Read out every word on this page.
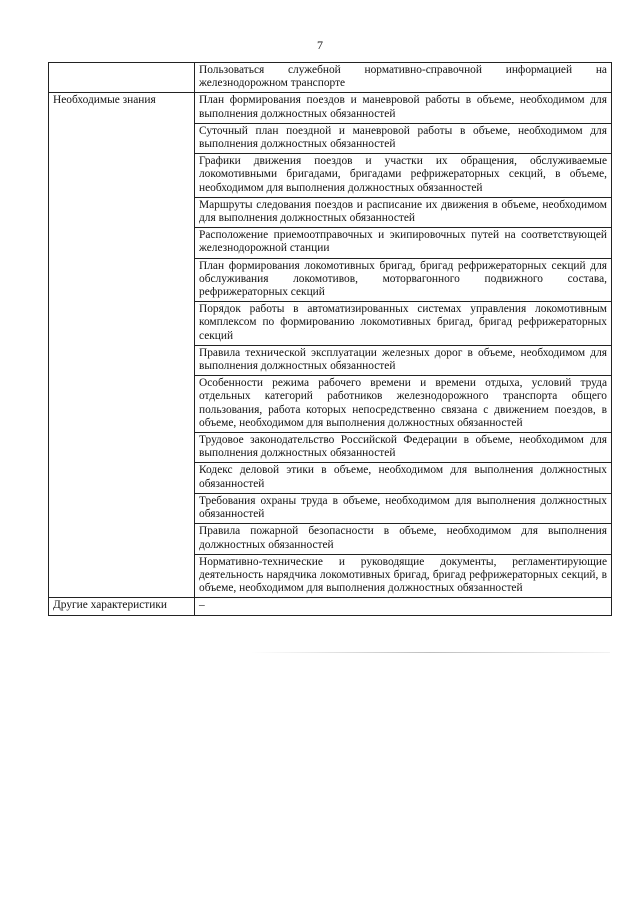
7
	Пользоваться служебной нормативно-справочной информацией на железнодорожном транспорте
Необходимые знания	План формирования поездов и маневровой работы в объеме, необходимом для выполнения должностных обязанностей
	Суточный план поездной и маневровой работы в объеме, необходимом для выполнения должностных обязанностей
	Графики движения поездов и участки их обращения, обслуживаемые локомотивными бригадами, бригадами рефрижераторных секций, в объеме, необходимом для выполнения должностных обязанностей
	Маршруты следования поездов и расписание их движения в объеме, необходимом для выполнения должностных обязанностей
	Расположение приемоотправочных и экипировочных путей на соответствующей железнодорожной станции
	План формирования локомотивных бригад, бригад рефрижераторных секций для обслуживания локомотивов, моторвагонного подвижного состава, рефрижераторных секций
	Порядок работы в автоматизированных системах управления локомотивным комплексом по формированию локомотивных бригад, бригад рефрижераторных секций
	Правила технической эксплуатации железных дорог в объеме, необходимом для выполнения должностных обязанностей
	Особенности режима рабочего времени и времени отдыха, условий труда отдельных категорий работников железнодорожного транспорта общего пользования, работа которых непосредственно связана с движением поездов, в объеме, необходимом для выполнения должностных обязанностей
	Трудовое законодательство Российской Федерации в объеме, необходимом для выполнения должностных обязанностей
	Кодекс деловой этики в объеме, необходимом для выполнения должностных обязанностей
	Требования охраны труда в объеме, необходимом для выполнения должностных обязанностей
	Правила пожарной безопасности в объеме, необходимом для выполнения должностных обязанностей
	Нормативно-технические и руководящие документы, регламентирующие деятельность нарядчика локомотивных бригад, бригад рефрижераторных секций, в объеме, необходимом для выполнения должностных обязанностей
Другие характеристики	–
